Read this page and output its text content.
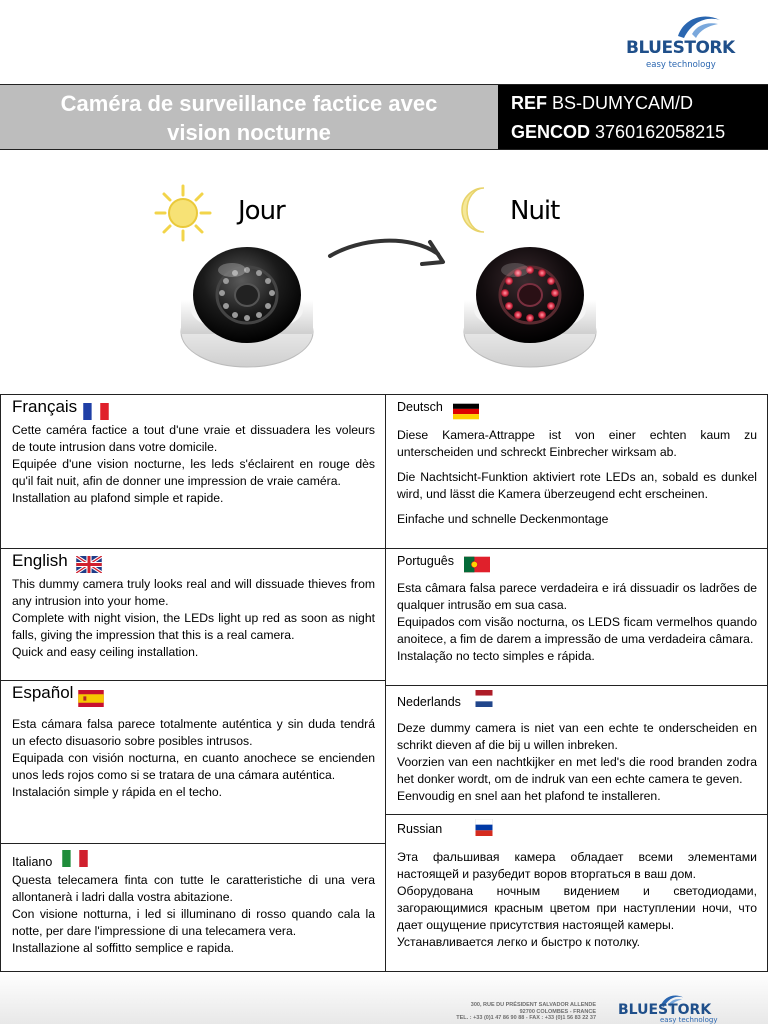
BLUESTORK
easy technology
Caméra de surveillance factice avec
vision nocturne
REF BS-DUMYCAM/D
GENCOD 3760162058215
Jour	Nuit
Français

Cette caméra factice a tout d'une vraie et dissuadera les voleurs de toute intrusion dans votre domicile.

Equipée d'une vision nocturne, les leds s'éclairent en rouge dès qu'il fait nuit, afin de donner une impression de vraie caméra.

Installation au plafond simple et rapide.

English

This dummy camera truly looks real and will dissuade thieves from any intrusion into your home.

Complete with night vision, the LEDs light up red as soon as night falls, giving the impression that this is a real camera.

Quick and easy ceiling installation.

Español

Esta cámara falsa parece totalmente auténtica y sin duda tendrá un efecto disuasorio sobre posibles intrusos.

Equipada con visión nocturna, en cuanto anochece se encienden unos leds rojos como si se tratara de una cámara auténtica.

Instalación simple y rápida en el techo.

Italiano

Questa telecamera finta con tutte le caratteristiche di una vera allontanerà i ladri dalla vostra abitazione.

Con visione notturna, i led si illuminano di rosso quando cala la notte, per dare l'impressione di una telecamera vera.

Installazione al soffitto semplice e rapida.

Deutsch

Diese Kamera-Attrappe ist von einer echten kaum zu unterscheiden und schreckt Einbrecher wirksam ab.

Die Nachtsicht-Funktion aktiviert rote LEDs an, sobald es dunkel wird, und lässt die Kamera überzeugend echt erscheinen.

Einfache und schnelle Deckenmontage

Português

Esta câmara falsa parece verdadeira e irá dissuadir os ladrões de qualquer intrusão em sua casa.

Equipados com visão nocturna, os LEDS ficam vermelhos quando anoitece, a fim de darem a impressão de uma verdadeira câmara.

Instalação no tecto simples e rápida.

Nederlands

Deze dummy camera is niet van een echte te onderscheiden en schrikt dieven af die bij u willen inbreken.

Voorzien van een nachtkijker en met led's die rood branden zodra het donker wordt, om de indruk van een echte camera te geven.

Eenvoudig en snel aan het plafond te installeren.

Russian

Эта фальшивая камера обладает всеми элементами настоящей и разубедит воров вторгаться в ваш дом.

Оборудована ночным видением и светодиодами, загорающимися красным цветом при наступлении ночи, что дает ощущение присутствия настоящей камеры.

Устанавливается легко и быстро к потолку.

300, RUE DU PRÉSIDENT SALVADOR ALLENDE
92700 COLOMBES - FRANCE
TEL. : +33 (0)1 47 86 90 88 - FAX : +33 (0)1 56 83 22 37 BLUESTORK
easy technology
